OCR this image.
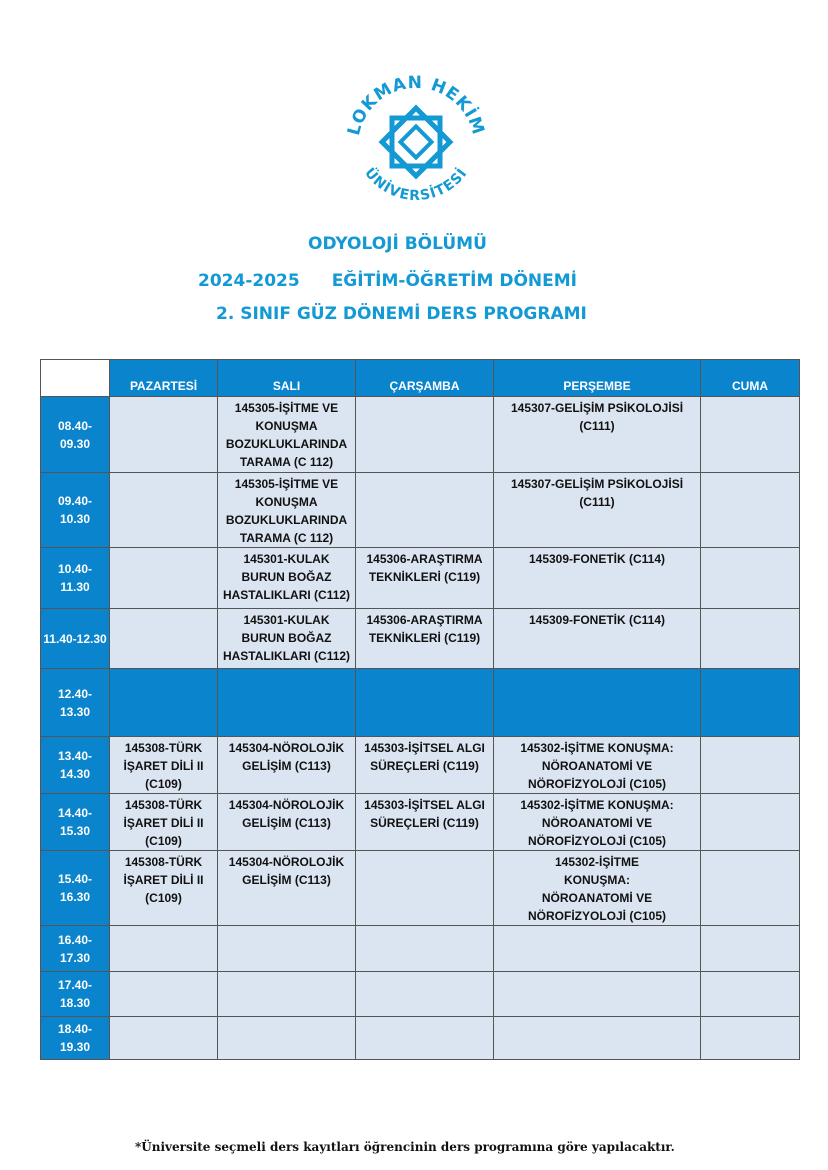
LOKMAN HEKİM
ÜNİVERSİTESİ
ODYOLOJİ BÖLÜMÜ
2024-2025 EĞİTİM-ÖĞRETİM DÖNEMİ
2. SINIF GÜZ DÖNEMİ DERS PROGRAMI
	PAZARTESİ	SALI	ÇARŞAMBA	PERŞEMBE	CUMA
08.40-
09.30		145305-İŞİTME VE
KONUŞMA
BOZUKLUKLARINDA
TARAMA (C 112)		145307-GELİŞİM PSİKOLOJİSİ
(C111)	
09.40-
10.30		145305-İŞİTME VE
KONUŞMA
BOZUKLUKLARINDA
TARAMA (C 112)		145307-GELİŞİM PSİKOLOJİSİ
(C111)	
10.40-
11.30		145301-KULAK
BURUN BOĞAZ
HASTALIKLARI (C112)	145306-ARAŞTIRMA
TEKNİKLERİ (C119)	145309-FONETİK (C114)	
11.40-12.30		145301-KULAK
BURUN BOĞAZ
HASTALIKLARI (C112)	145306-ARAŞTIRMA
TEKNİKLERİ (C119)	145309-FONETİK (C114)	
12.40-
13.30					
13.40-
14.30	145308-TÜRK
İŞARET DİLİ II
(C109)	145304-NÖROLOJİK
GELİŞİM (C113)	145303-İŞİTSEL ALGI
SÜREÇLERİ (C119)	145302-İŞİTME KONUŞMA:
NÖROANATOMİ VE
NÖROFİZYOLOJİ (C105)	
14.40-
15.30	145308-TÜRK
İŞARET DİLİ II
(C109)	145304-NÖROLOJİK
GELİŞİM (C113)	145303-İŞİTSEL ALGI
SÜREÇLERİ (C119)	145302-İŞİTME KONUŞMA:
NÖROANATOMİ VE
NÖROFİZYOLOJİ (C105)	
15.40-
16.30	145308-TÜRK
İŞARET DİLİ II
(C109)	145304-NÖROLOJİK
GELİŞİM (C113)		145302-İŞİTME
KONUŞMA:
NÖROANATOMİ VE
NÖROFİZYOLOJİ (C105)	
16.40-
17.30					
17.40-
18.30					
18.40-
19.30					
*Üniversite seçmeli ders kayıtları öğrencinin ders programına göre yapılacaktır.
